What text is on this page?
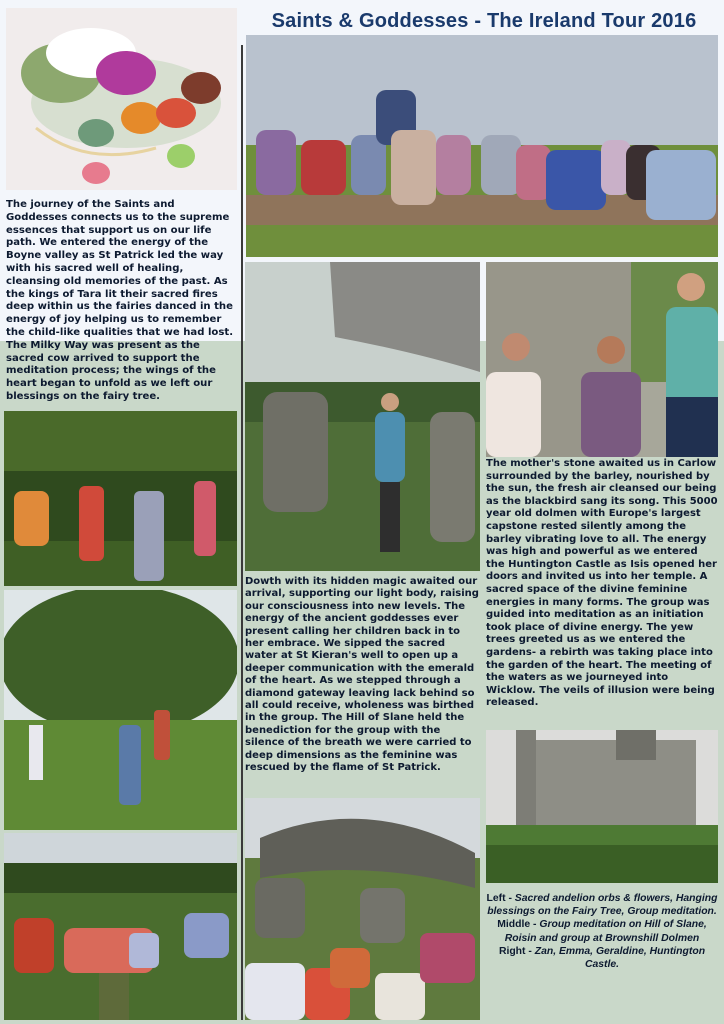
Saints & Goddesses - The Ireland Tour 2016

The journey of the Saints and Goddesses connects us to the supreme essences that support us on our life path. We entered the energy of the Boyne valley as St Patrick led the way with his sacred well of healing, cleansing old memories of the past. As the kings of Tara lit their sacred fires deep within us the fairies danced in the energy of joy helping us to remember the child-like qualities that we had lost.

The Milky Way was present as the sacred cow arrived to support the meditation process; the wings of the heart began to unfold as we left our blessings on the fairy tree.

The mother's stone awaited us in Carlow surrounded by the barley, nourished by the sun, the fresh air cleansed our being as the blackbird sang its song. This 5000 year old dolmen with Europe's largest capstone rested silently among the barley vibrating love to all. The energy was high and powerful as we entered the Huntington Castle as Isis opened her doors and invited us into her temple. A sacred space of the divine feminine energies in many forms. The group was guided into meditation as an initiation took place of divine energy. The yew trees greeted us as we entered the gardens- a rebirth was taking place into the garden of the heart. The meeting of the waters as we journeyed into Wicklow. The veils of illusion were being released.
Dowth with its hidden magic awaited our arrival, supporting our light body, raising our consciousness into new levels. The energy of the ancient goddesses ever present calling her children back in to her embrace. We sipped the sacred water at St Kieran's well to open up a deeper communication with the emerald of the heart. As we stepped through a diamond gateway leaving lack behind so all could receive, wholeness was birthed in the group. The Hill of Slane held the benediction for the group with the silence of the breath we were carried to deep dimensions as the feminine was rescued by the flame of St Patrick.

Left - Sacred andelion orbs & flowers, Hanging blessings on the Fairy Tree, Group meditation.

Middle - Group meditation on Hill of Slane,

Roisin and group at Brownshill Dolmen

Right - Zan, Emma, Geraldine, Huntington Castle.
